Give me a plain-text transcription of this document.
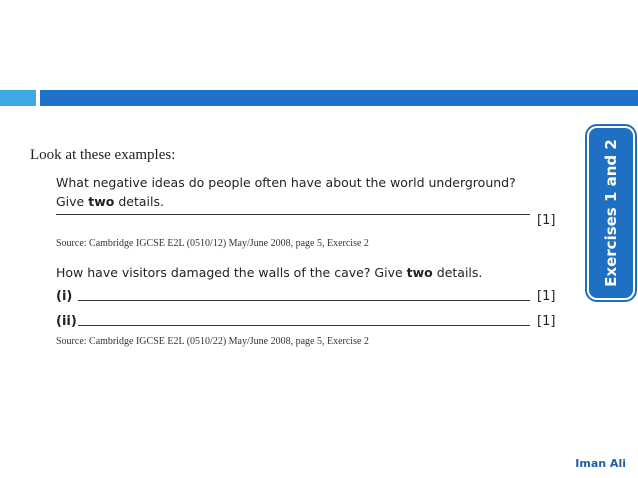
Look at these examples:
What negative ideas do people often have about the world underground? Give two details.
[1]
Source: Cambridge IGCSE E2L (0510/12) May/June 2008, page 5, Exercise 2
How have visitors damaged the walls of the cave? Give two details.
(i)	[1]
(ii)	[1]
Source: Cambridge IGCSE E2L (0510/22) May/June 2008, page 5, Exercise 2
Exercises 1 and 2
Iman Ali
